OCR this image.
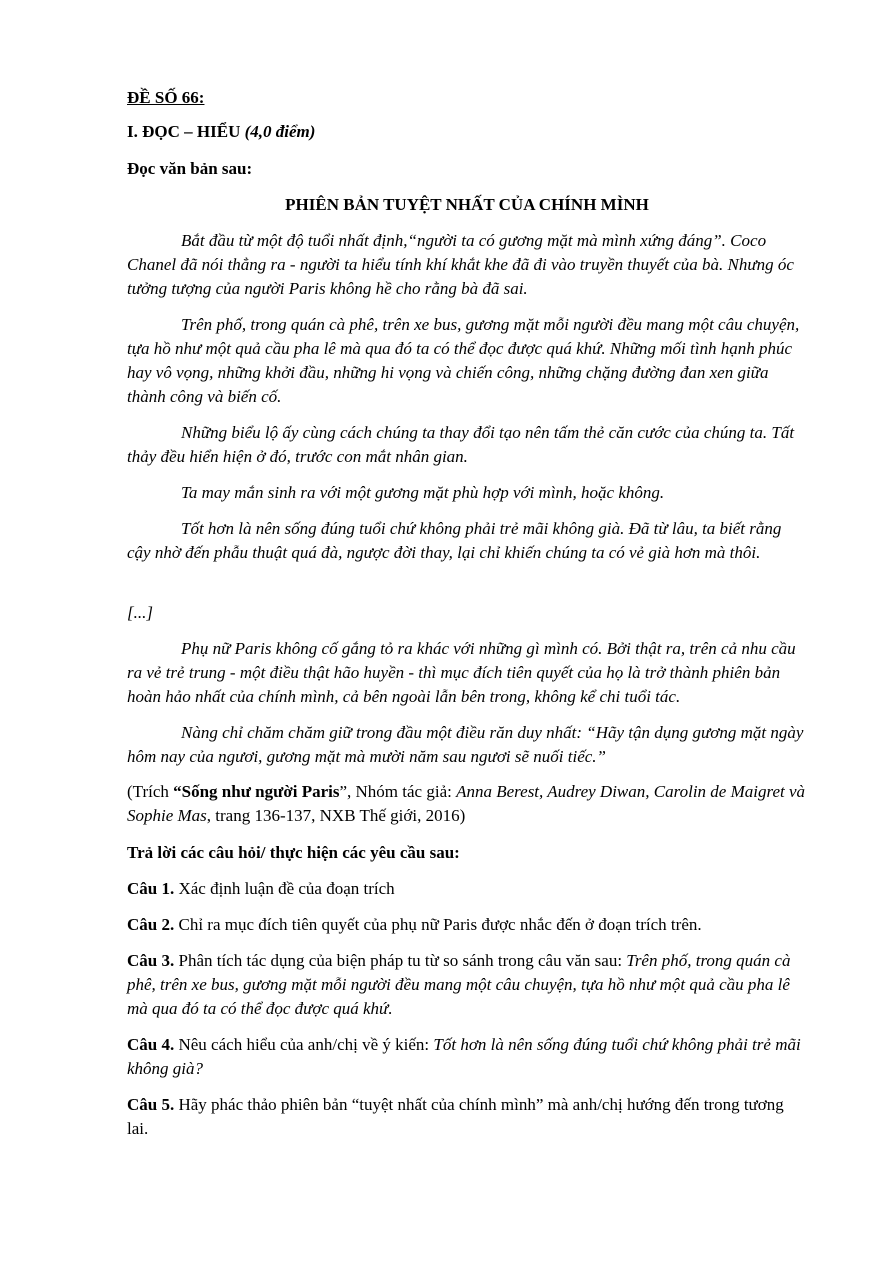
ĐỀ SỐ 66:

I. ĐỌC – HIỂU (4,0 điểm)

Đọc văn bản sau:

PHIÊN BẢN TUYỆT NHẤT CỦA CHÍNH MÌNH

Bắt đầu từ một độ tuổi nhất định,“người ta có gương mặt mà mình xứng đáng”. Coco Chanel đã nói thẳng ra - người ta hiểu tính khí khắt khe đã đi vào truyền thuyết của bà. Nhưng óc tưởng tượng của người Paris không hề cho rằng bà đã sai.

Trên phố, trong quán cà phê, trên xe bus, gương mặt mỗi người đều mang một câu chuyện, tựa hồ như một quả cầu pha lê mà qua đó ta có thể đọc được quá khứ. Những mối tình hạnh phúc hay vô vọng, những khởi đầu, những hi vọng và chiến công, những chặng đường đan xen giữa thành công và biến cố.

Những biểu lộ ấy cùng cách chúng ta thay đổi tạo nên tấm thẻ căn cước của chúng ta. Tất thảy đều hiển hiện ở đó, trước con mắt nhân gian.

Ta may mắn sinh ra với một gương mặt phù hợp với mình, hoặc không.

Tốt hơn là nên sống đúng tuổi chứ không phải trẻ mãi không già. Đã từ lâu, ta biết rằng cậy nhờ đến phẫu thuật quá đà, ngược đời thay, lại chỉ khiến chúng ta có vẻ già hơn mà thôi.

[...]

Phụ nữ Paris không cố gắng tỏ ra khác với những gì mình có. Bởi thật ra, trên cả nhu cầu ra vẻ trẻ trung - một điều thật hão huyền - thì mục đích tiên quyết của họ là trở thành phiên bản hoàn hảo nhất của chính mình, cả bên ngoài lẫn bên trong, không kể chi tuổi tác.

Nàng chỉ chăm chăm giữ trong đầu một điều răn duy nhất: “Hãy tận dụng gương mặt ngày hôm nay của ngươi, gương mặt mà mười năm sau ngươi sẽ nuối tiếc.”

(Trích “Sống như người Paris”, Nhóm tác giả: Anna Berest, Audrey Diwan, Carolin de Maigret và Sophie Mas, trang 136-137, NXB Thế giới, 2016)

Trả lời các câu hỏi/ thực hiện các yêu cầu sau:

Câu 1. Xác định luận đề của đoạn trích

Câu 2. Chỉ ra mục đích tiên quyết của phụ nữ Paris được nhắc đến ở đoạn trích trên.

Câu 3. Phân tích tác dụng của biện pháp tu từ so sánh trong câu văn sau: Trên phố, trong quán cà phê, trên xe bus, gương mặt mỗi người đều mang một câu chuyện, tựa hồ như một quả cầu pha lê mà qua đó ta có thể đọc được quá khứ.

Câu 4. Nêu cách hiểu của anh/chị về ý kiến: Tốt hơn là nên sống đúng tuổi chứ không phải trẻ mãi không già?

Câu 5. Hãy phác thảo phiên bản “tuyệt nhất của chính mình” mà anh/chị hướng đến trong tương lai.
